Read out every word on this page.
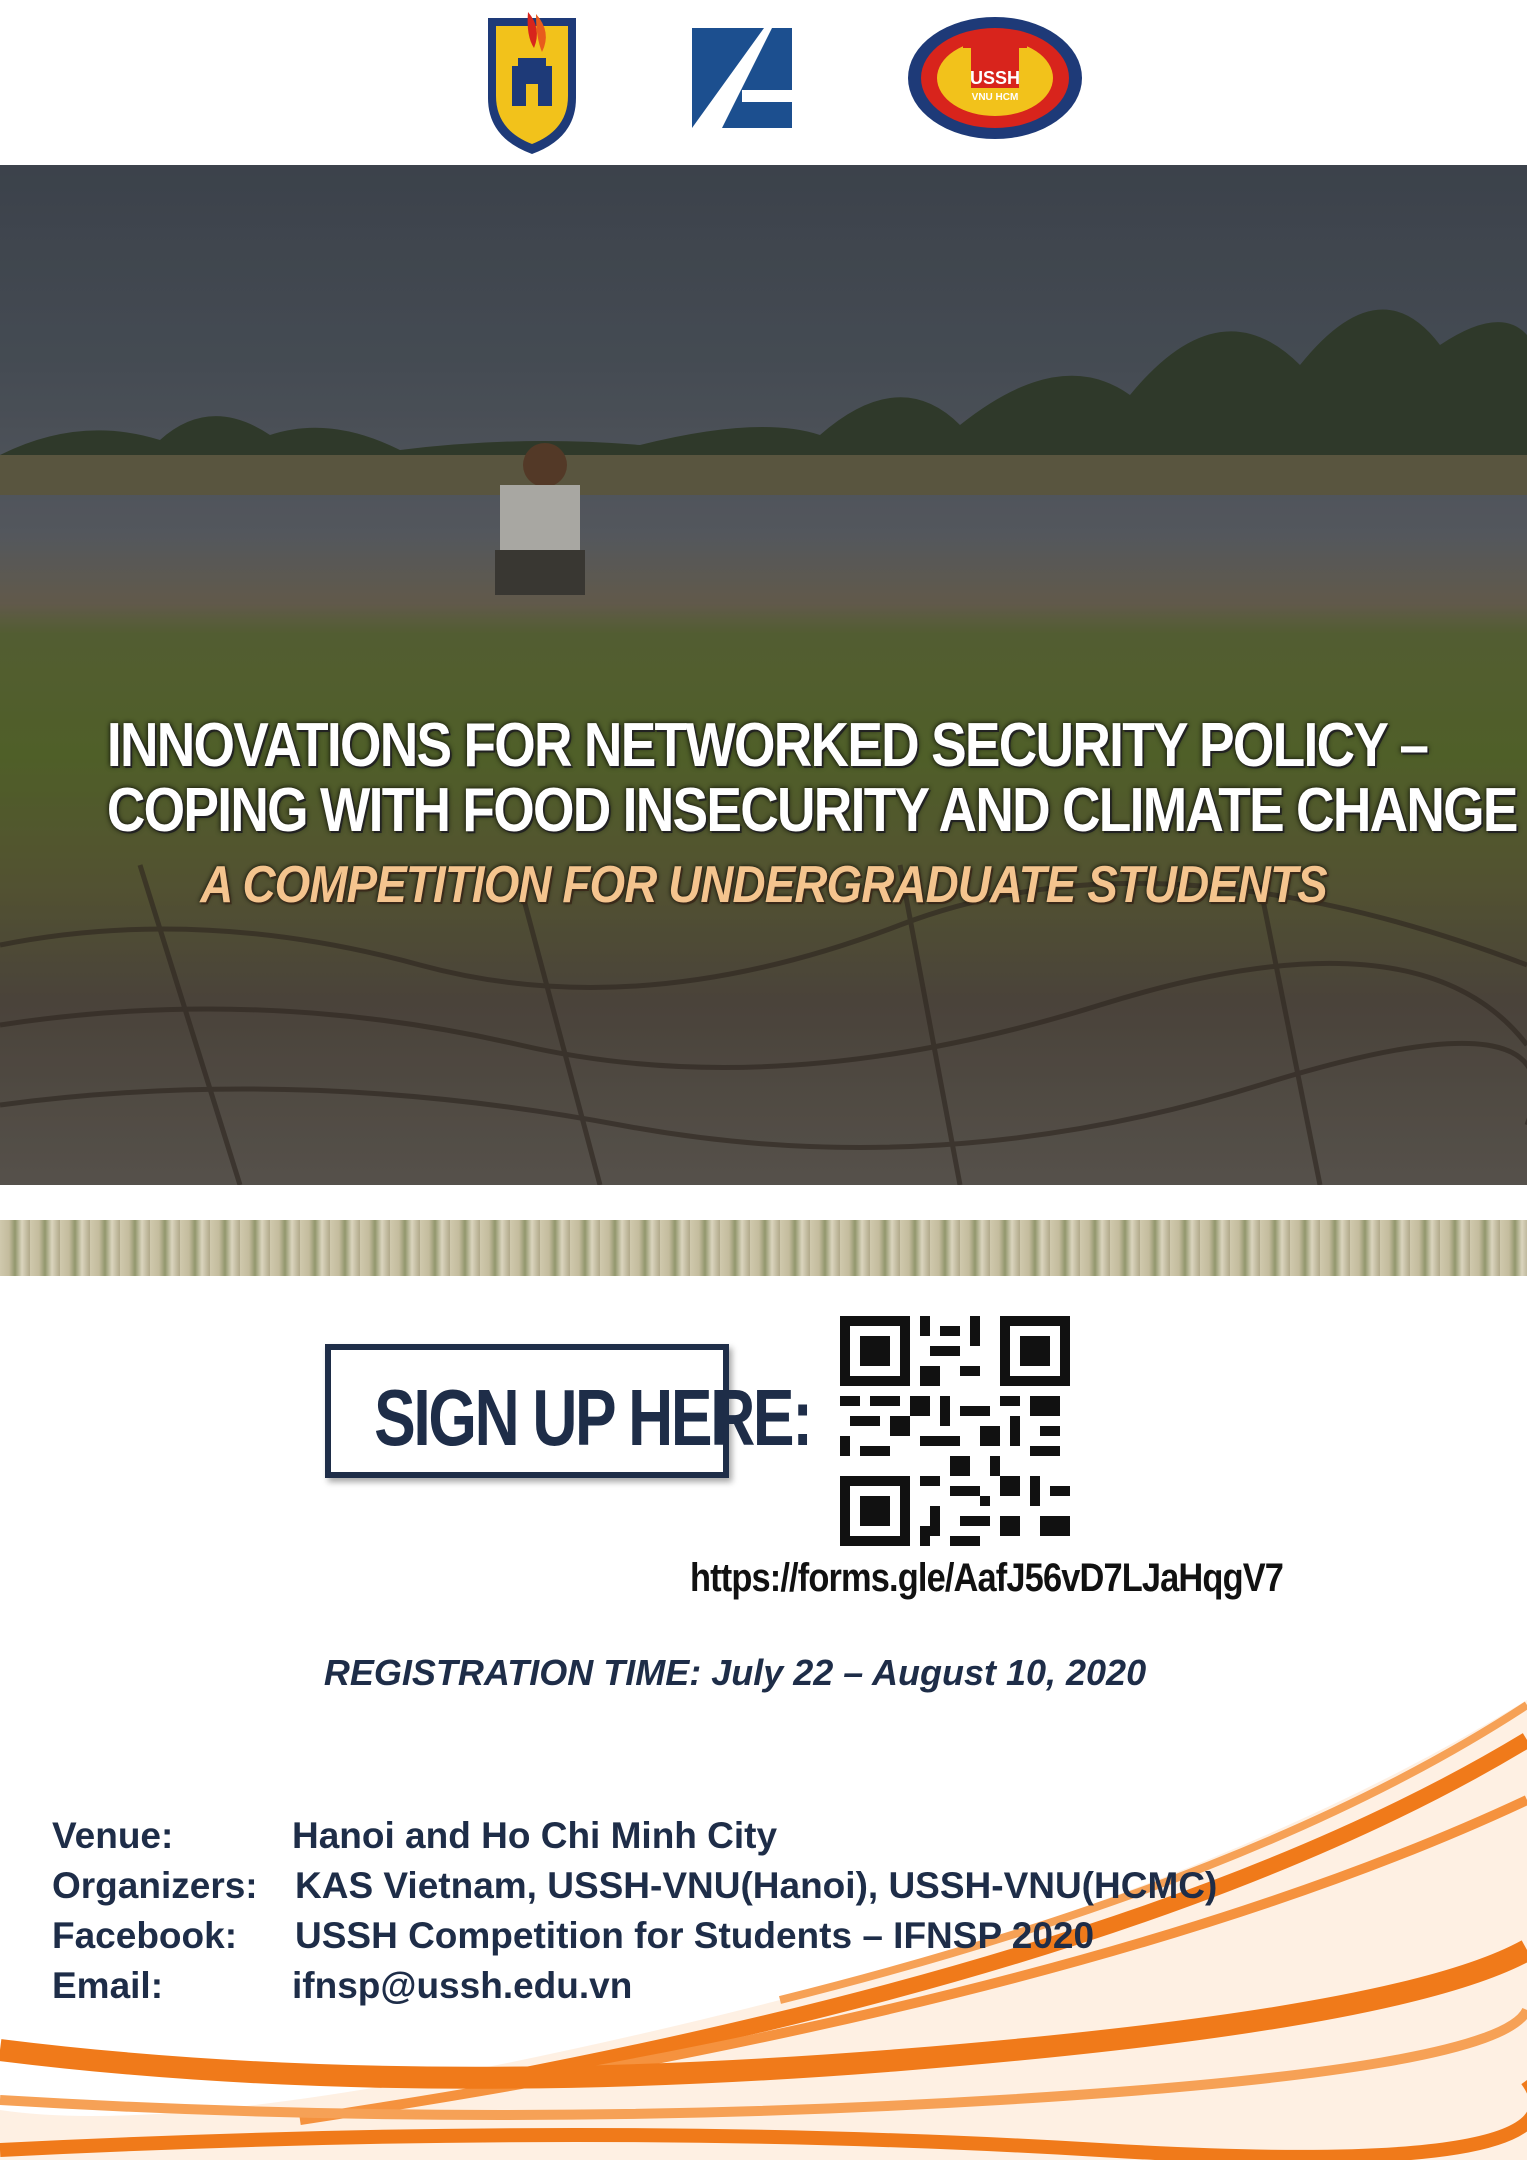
USSH
VNU HCM
INNOVATIONS FOR NETWORKED SECURITY POLICY –
COPING WITH FOOD INSECURITY AND CLIMATE CHANGE
A COMPETITION FOR UNDERGRADUATE STUDENTS
SIGN UP HERE:
https://forms.gle/AafJ56vD7LJaHqgV7
REGISTRATION TIME: July 22 – August 10, 2020
Venue:	Hanoi and Ho Chi Minh City
Organizers: KAS Vietnam, USSH-VNU(Hanoi), USSH-VNU(HCMC)
Facebook: USSH Competition for Students – IFNSP 2020
Email:	ifnsp@ussh.edu.vn
